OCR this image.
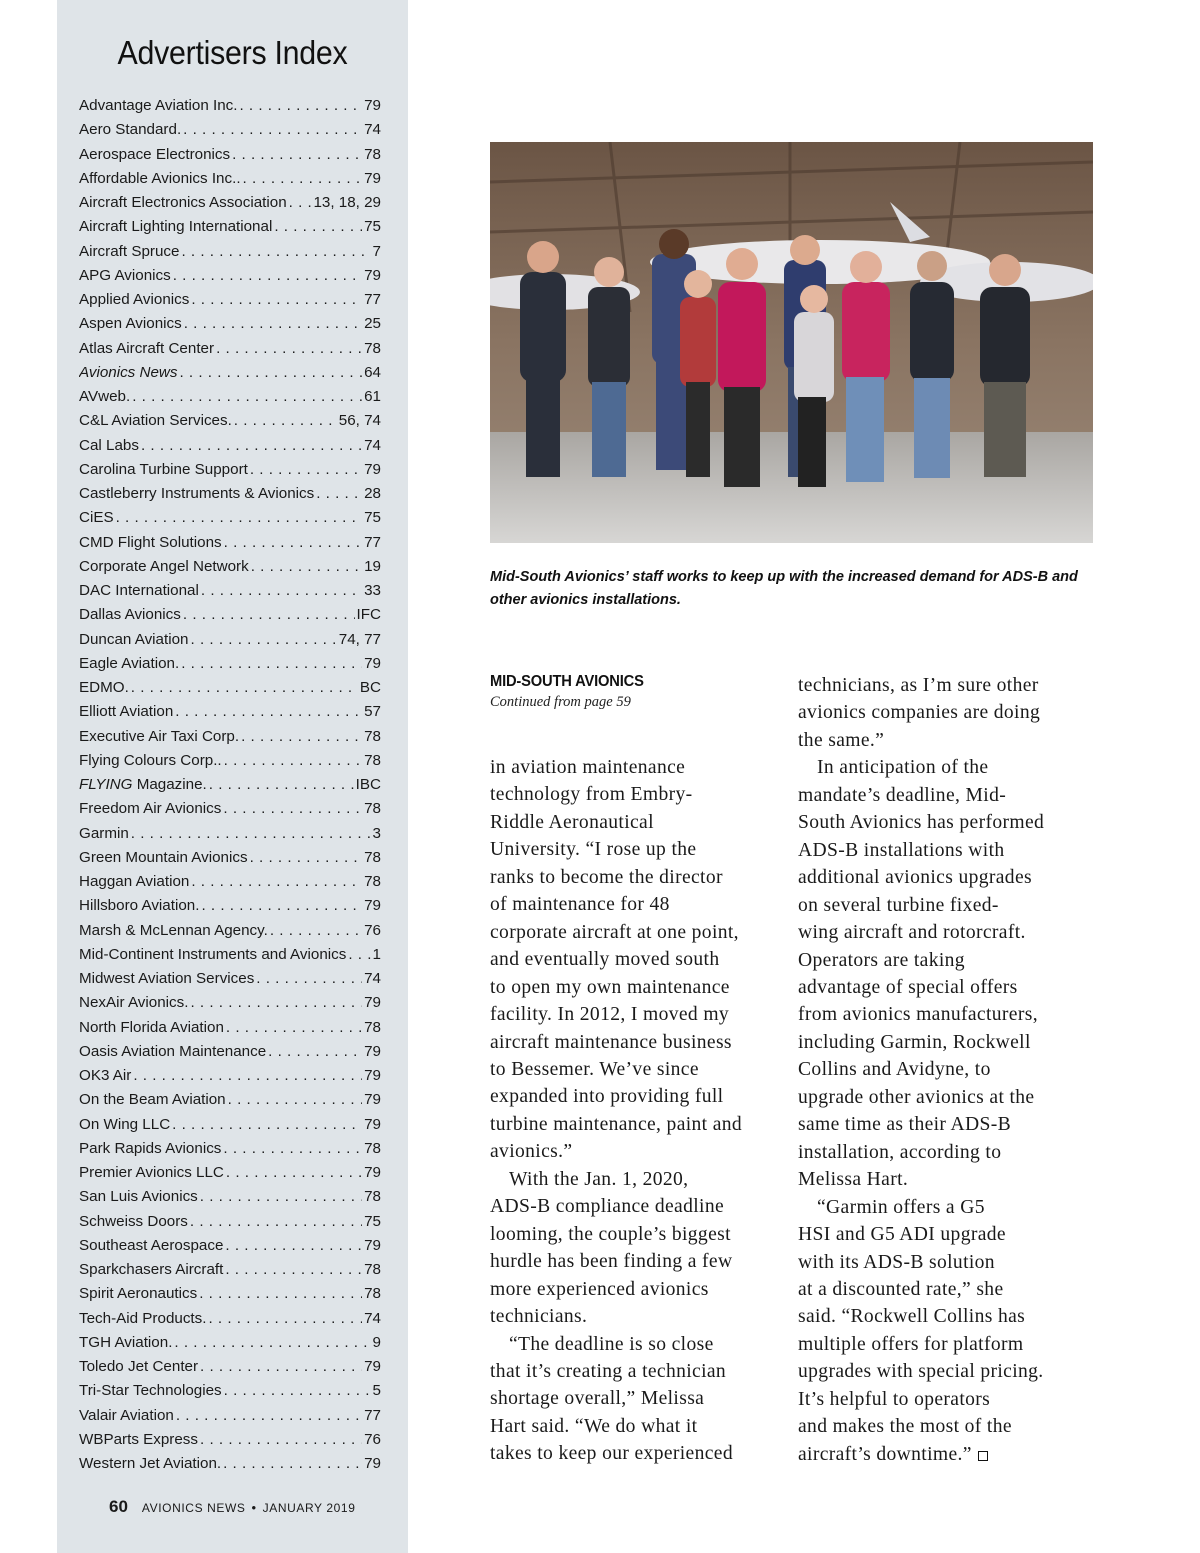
Advertisers Index
Advantage Aviation Inc. . . .	79
Aero Standard. . . .	74
Aerospace Electronics . . .	78
Affordable Avionics Inc.. . . .	79
Aircraft Electronics Association . . . 13, 18, 29
Aircraft Lighting International . . .	75
Aircraft Spruce . . .	7
APG Avionics . . .	79
Applied Avionics . . .	77
Aspen Avionics . . .	25
Atlas Aircraft Center . . .	78
Avionics News . . .	64
AVweb. . . .	61
C&L Aviation Services. . . .	56, 74
Cal Labs . . .	74
Carolina Turbine Support . . .	79
Castleberry Instruments & Avionics . . .	28
CiES . . .	75
CMD Flight Solutions . . .	77
Corporate Angel Network . . .	19
DAC International . . .	33
Dallas Avionics . . .	IFC
Duncan Aviation . . .	74, 77
Eagle Aviation. . . .	79
EDMO. . . .	BC
Elliott Aviation . . .	57
Executive Air Taxi Corp. . . .	78
Flying Colours Corp.. . . .	78
FLYING Magazine. . . .	IBC
Freedom Air Avionics . . .	78
Garmin . . .	3
Green Mountain Avionics . . .	78
Haggan Aviation . . .	78
Hillsboro Aviation. . . .	79
Marsh & McLennan Agency. . . .	76
Mid-Continent Instruments and Avionics . . . 1
Midwest Aviation Services . . .	74
NexAir Avionics. . . .	79
North Florida Aviation . . .	78
Oasis Aviation Maintenance . . .	79
OK3 Air . . .	79
On the Beam Aviation . . .	79
On Wing LLC . . .	79
Park Rapids Avionics . . .	78
Premier Avionics LLC . . .	79
San Luis Avionics . . .	78
Schweiss Doors . . .	75
Southeast Aerospace . . .	79
Sparkchasers Aircraft . . .	78
Spirit Aeronautics . . .	78
Tech-Aid Products. . . .	74
TGH Aviation. . . .	9
Toledo Jet Center . . .	79
Tri-Star Technologies . . .	5
Valair Aviation . . .	77
WBParts Express . . .	76
Western Jet Aviation. . . .	79
60 AVIONICS NEWS • JANUARY 2019
Mid-South Avionics’ staff works to keep up with the increased demand for ADS-B and other avionics installations.
MID-SOUTH AVIONICS
Continued from page 59

in aviation maintenance
technology from Embry-
Riddle Aeronautical
University. “I rose up the
ranks to become the director
of maintenance for 48
corporate aircraft at one point,
and eventually moved south
to open my own maintenance
facility. In 2012, I moved my
aircraft maintenance business
to Bessemer. We’ve since
expanded into providing full
turbine maintenance, paint and
avionics.”

With the Jan. 1, 2020,
ADS-B compliance deadline
looming, the couple’s biggest
hurdle has been finding a few
more experienced avionics
technicians.

“The deadline is so close
that it’s creating a technician
shortage overall,” Melissa
Hart said. “We do what it
takes to keep our experienced

technicians, as I’m sure other
avionics companies are doing
the same.”

In anticipation of the
mandate’s deadline, Mid-
South Avionics has performed
ADS-B installations with
additional avionics upgrades
on several turbine fixed-
wing aircraft and rotorcraft.
Operators are taking
advantage of special offers
from avionics manufacturers,
including Garmin, Rockwell
Collins and Avidyne, to
upgrade other avionics at the
same time as their ADS-B
installation, according to
Melissa Hart.

“Garmin offers a G5
HSI and G5 ADI upgrade
with its ADS-B solution
at a discounted rate,” she
said. “Rockwell Collins has
multiple offers for platform
upgrades with special pricing.
It’s helpful to operators
and makes the most of the
aircraft’s downtime.”
